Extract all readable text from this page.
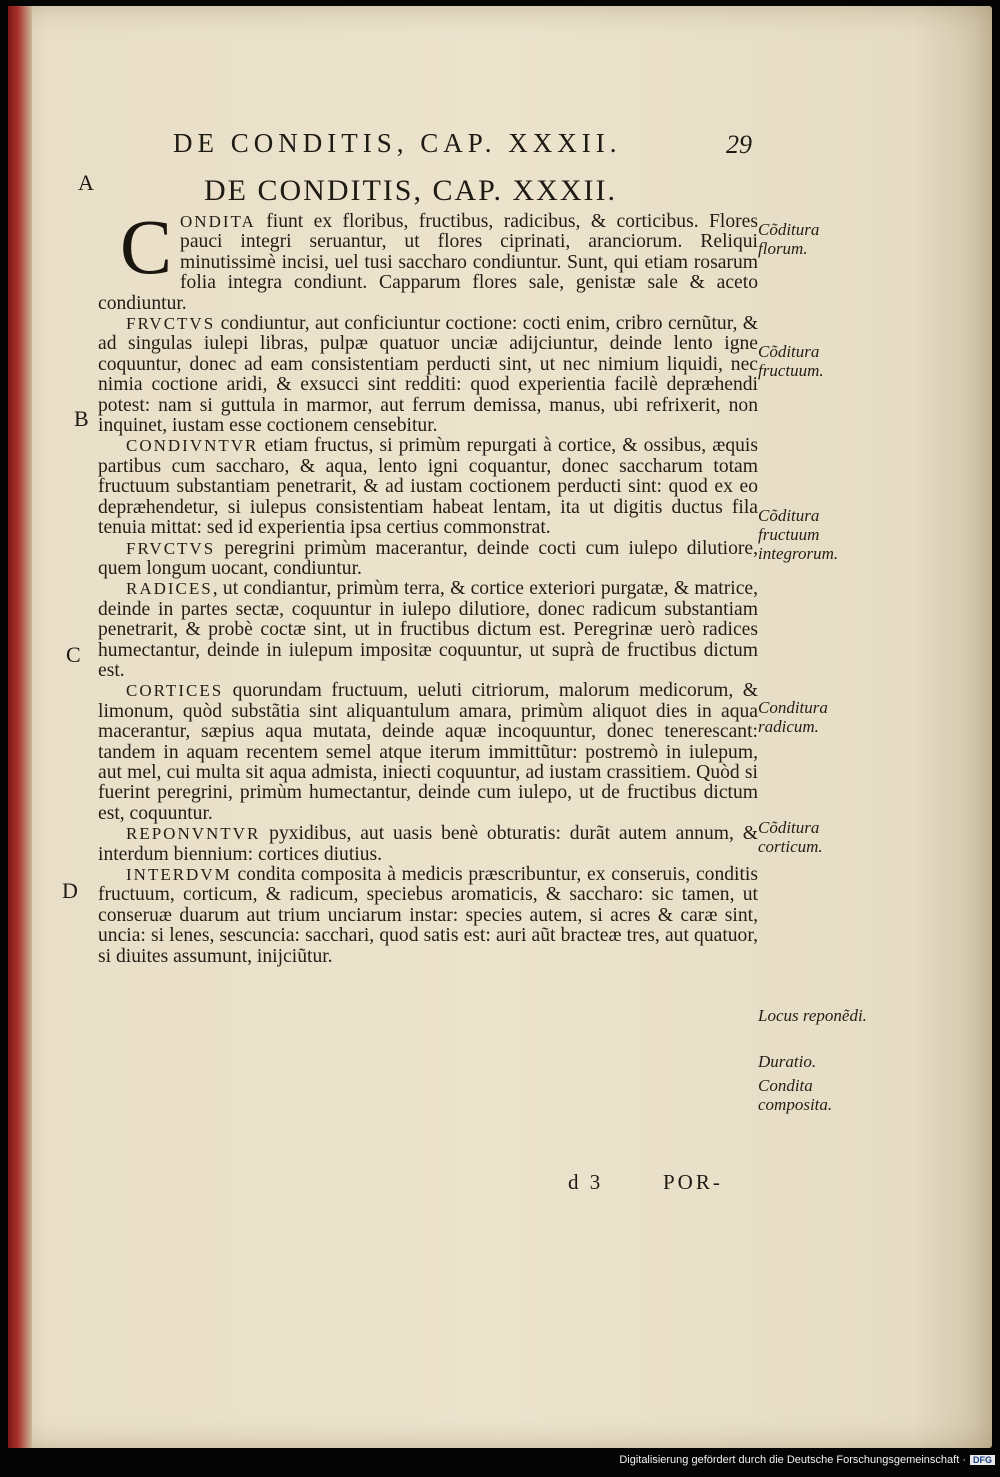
DE CONDITIS, CAP. XXXII.	29
A
B
C
D
DE CONDITIS, CAP. XXXII.

CONDITA fiunt ex floribus, fructibus, radicibus, & corticibus. Flores pauci integri seruantur, ut flores ciprinati, aranciorum. Reliqui minutissimè incisi, uel tusi saccharo condiuntur. Sunt, qui etiam rosarum folia integra condiunt. Capparum flores sale, genistæ sale & aceto condiuntur.

FRVCTVS condiuntur, aut conficiuntur coctione: cocti enim, cribro cernũtur, & ad singulas iulepi libras, pulpæ quatuor unciæ adijciuntur, deinde lento igne coquuntur, donec ad eam consistentiam perducti sint, ut nec nimium liquidi, nec nimia coctione aridi, & exsucci sint redditi: quod experientia facilè depræhendi potest: nam si guttula in marmor, aut ferrum demissa, manus, ubi refrixerit, non inquinet, iustam esse coctionem censebitur.

CONDIVNTVR etiam fructus, si primùm repurgati à cortice, & ossibus, æquis partibus cum saccharo, & aqua, lento igni coquantur, donec saccharum totam fructuum substantiam penetrarit, & ad iustam coctionem perducti sint: quod ex eo depræhendetur, si iulepus consistentiam habeat lentam, ita ut digitis ductus fila tenuia mittat: sed id experientia ipsa certius commonstrat.

FRVCTVS peregrini primùm macerantur, deinde cocti cum iulepo dilutiore, quem longum uocant, condiuntur.

RADICES, ut condiantur, primùm terra, & cortice exteriori purgatæ, & matrice, deinde in partes sectæ, coquuntur in iulepo dilutiore, donec radicum substantiam penetrarit, & probè coctæ sint, ut in fructibus dictum est. Peregrinæ uerò radices humectantur, deinde in iulepum impositæ coquuntur, ut suprà de fructibus dictum est.

CORTICES quorundam fructuum, ueluti citriorum, malorum medicorum, & limonum, quòd substãtia sint aliquantulum amara, primùm aliquot dies in aqua macerantur, sæpius aqua mutata, deinde aquæ incoquuntur, donec tenerescant: tandem in aquam recentem semel atque iterum immittũtur: postremò in iulepum, aut mel, cui multa sit aqua admista, iniecti coquuntur, ad iustam crassitiem. Quòd si fuerint peregrini, primùm humectantur, deinde cum iulepo, ut de fructibus dictum est, coquuntur.

REPONVNTVR pyxidibus, aut uasis benè obturatis: durãt autem annum, & interdum biennium: cortices diutius.

INTERDVM condita composita à medicis præscribuntur, ex conseruis, conditis fructuum, corticum, & radicum, speciebus aromaticis, & saccharo: sic tamen, ut conseruæ duarum aut trium unciarum instar: species autem, si acres & caræ sint, uncia: si lenes, sescuncia: sacchari, quod satis est: auri aũt bracteæ tres, aut quatuor, si diuites assumunt, inijciũtur.

Cõditura florum.
Cõditura fructuum.
Cõditura fructuum integrorum.
Conditura radicum.
Cõditura corticum.
Locus reponẽdi.
Duratio.
Condita composita.
d 3	POR-
Digitalisierung gefördert durch die Deutsche Forschungsgemeinschaft · DFG
